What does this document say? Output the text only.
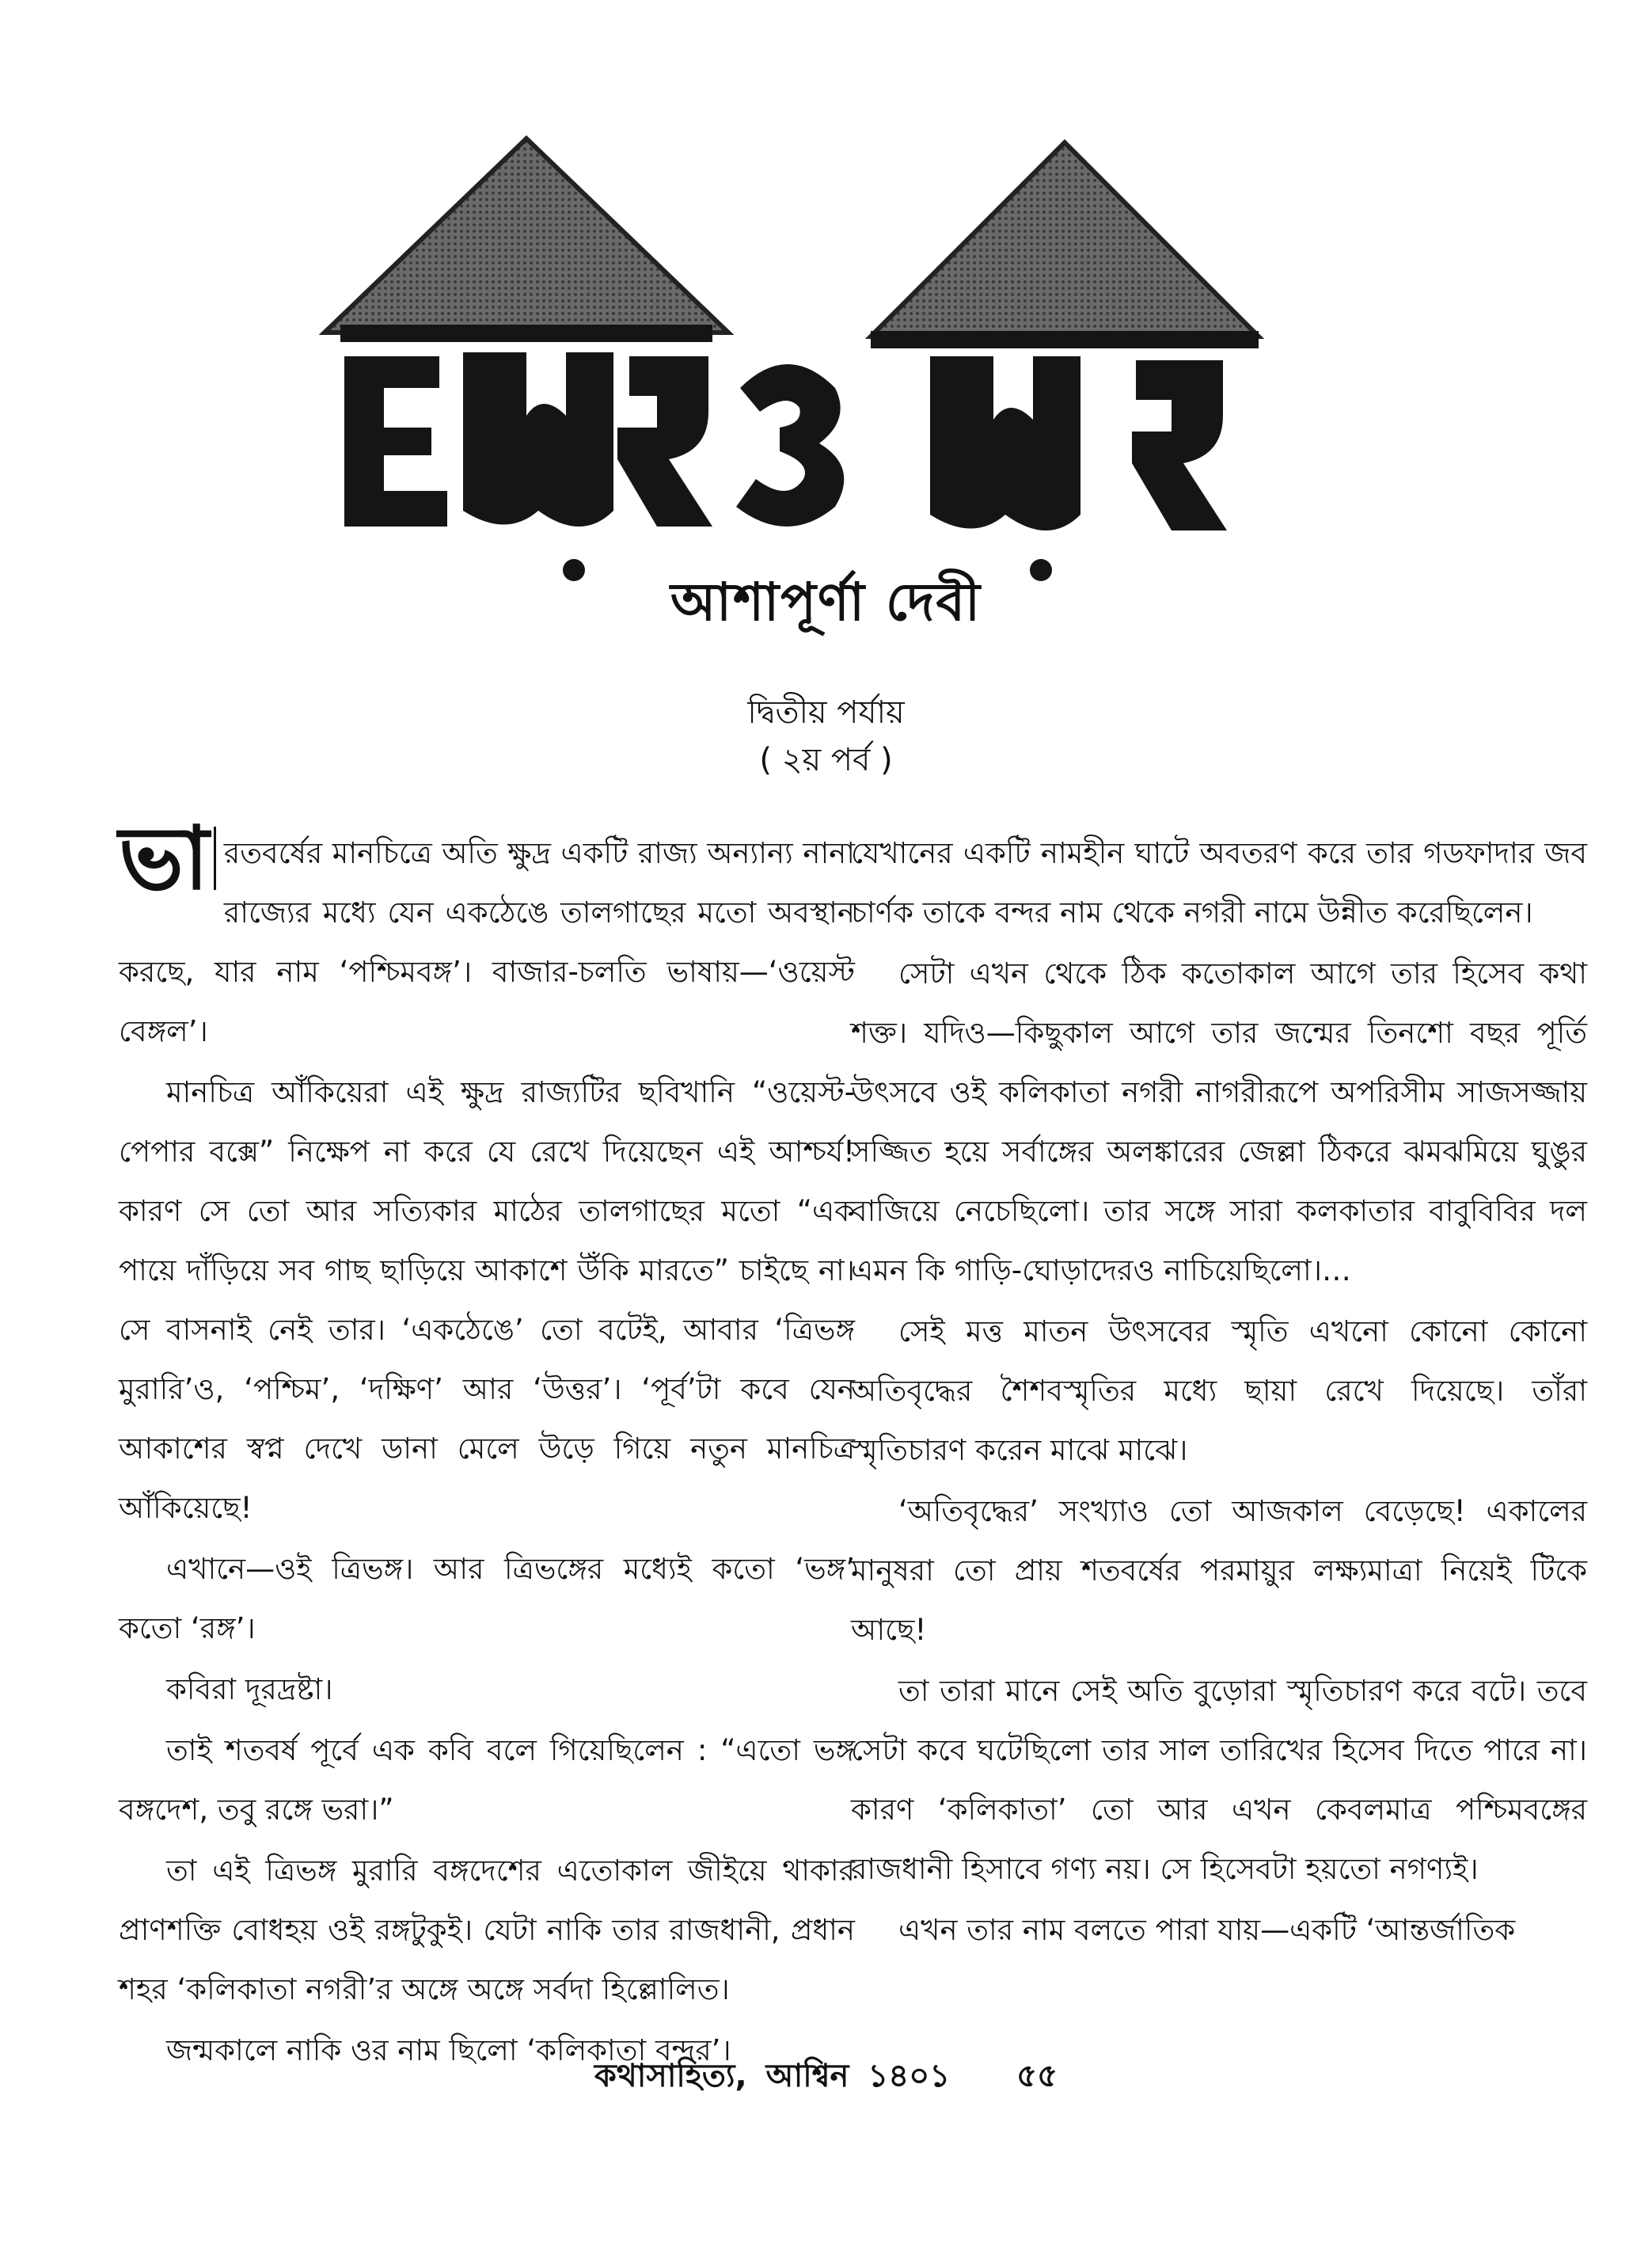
আশাপূর্ণা দেবী
দ্বিতীয় পর্যায়
( ২য় পর্ব )

ভা রতবর্ষের মানচিত্রে অতি ক্ষুদ্র একটি রাজ্য অন্যান্য নানা রাজ্যের মধ্যে যেন একঠেঙে তালগাছের মতো অবস্থান করছে, যার নাম ‘পশ্চিমবঙ্গ’। বাজার-চলতি ভাষায়—‘ওয়েস্ট বেঙ্গল’।

মানচিত্র আঁকিয়েরা এই ক্ষুদ্র রাজ্যটির ছবিখানি “ওয়েস্ট-পেপার বক্সে” নিক্ষেপ না করে যে রেখে দিয়েছেন এই আশ্চর্য! কারণ সে তো আর সত্যিকার মাঠের তালগাছের মতো “এক পায়ে দাঁড়িয়ে সব গাছ ছাড়িয়ে আকাশে উঁকি মারতে” চাইছে না। সে বাসনাই নেই তার। ‘একঠেঙে’ তো বটেই, আবার ‘ত্রিভঙ্গ মুরারি’ও, ‘পশ্চিম’, ‘দক্ষিণ’ আর ‘উত্তর’। ‘পূর্ব’টা কবে যেন আকাশের স্বপ্ন দেখে ডানা মেলে উড়ে গিয়ে নতুন মানচিত্র আঁকিয়েছে!

এখানে—ওই ত্রিভঙ্গ। আর ত্রিভঙ্গের মধ্যেই কতো ‘ভঙ্গ’ কতো ‘রঙ্গ’।

কবিরা দূরদ্রষ্টা।

তাই শতবর্ষ পূর্বে এক কবি বলে গিয়েছিলেন : “এতো ভঙ্গ বঙ্গদেশ, তবু রঙ্গে ভরা।”

তা এই ত্রিভঙ্গ মুরারি বঙ্গদেশের এতোকাল জীইয়ে থাকার প্রাণশক্তি বোধহয় ওই রঙ্গটুকুই। যেটা নাকি তার রাজধানী, প্রধান শহর ‘কলিকাতা নগরী’র অঙ্গে অঙ্গে সর্বদা হিল্লোলিত।

জন্মকালে নাকি ওর নাম ছিলো ‘কলিকাতা বন্দর’।

যেখানের একটি নামহীন ঘাটে অবতরণ করে তার গডফাদার জব চার্ণক তাকে বন্দর নাম থেকে নগরী নামে উন্নীত করেছিলেন।

সেটা এখন থেকে ঠিক কতোকাল আগে তার হিসেব কথা শক্ত। যদিও—কিছুকাল আগে তার জন্মের তিনশো বছর পূর্তি উৎসবে ওই কলিকাতা নগরী নাগরীরূপে অপরিসীম সাজসজ্জায় সজ্জিত হয়ে সর্বাঙ্গের অলঙ্কারের জেল্লা ঠিকরে ঝমঝমিয়ে ঘুঙুর বাজিয়ে নেচেছিলো। তার সঙ্গে সারা কলকাতার বাবুবিবির দল এমন কি গাড়ি-ঘোড়াদেরও নাচিয়েছিলো।…

সেই মত্ত মাতন উৎসবের স্মৃতি এখনো কোনো কোনো অতিবৃদ্ধের শৈশবস্মৃতির মধ্যে ছায়া রেখে দিয়েছে। তাঁরা স্মৃতিচারণ করেন মাঝে মাঝে।

‘অতিবৃদ্ধের’ সংখ্যাও তো আজকাল বেড়েছে! একালের মানুষরা তো প্রায় শতবর্ষের পরমায়ুর লক্ষ্যমাত্রা নিয়েই টিকে আছে!

তা তারা মানে সেই অতি বুড়োরা স্মৃতিচারণ করে বটে। তবে সেটা কবে ঘটেছিলো তার সাল তারিখের হিসেব দিতে পারে না। কারণ ‘কলিকাতা’ তো আর এখন কেবলমাত্র পশ্চিমবঙ্গের রাজধানী হিসাবে গণ্য নয়। সে হিসেবটা হয়তো নগণ্যই।

এখন তার নাম বলতে পারা যায়—একটি ‘আন্তর্জাতিক

কথাসাহিত্য, আশ্বিন ১৪০১ ৫৫
